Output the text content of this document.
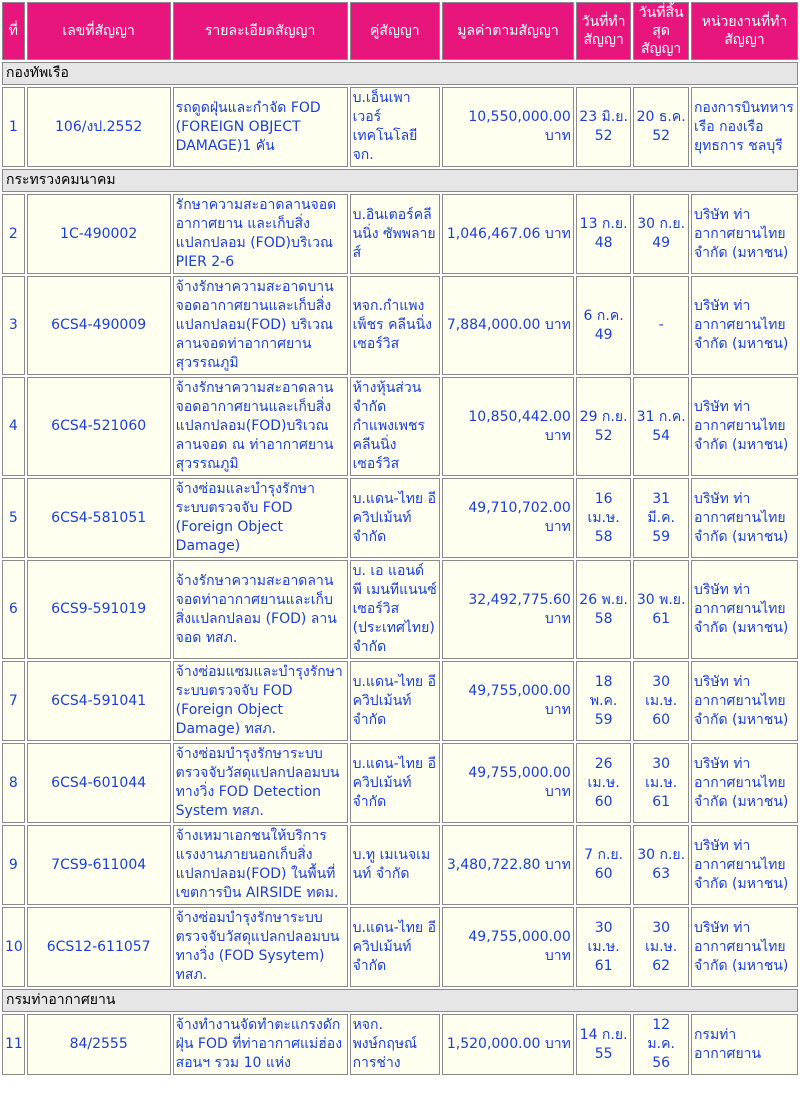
ที่	เลขที่สัญญา	รายละเอียดสัญญา	คู่สัญญา	มูลค่าตามสัญญา	วันที่ทำสัญญา	วันที่สิ้นสุดสัญญา	หน่วยงานที่ทำสัญญา
กองทัพเรือ							
1	106/งป.2552	รถดูดฝุ่นและกำจัด FOD (FOREIGN OBJECT DAMAGE)1 คัน	บ.เอ็นเพาเวอร์ เทคโนโลยี จก.	10,550,000.00 บาท	23 มิ.ย. 52	20 ธ.ค. 52	กองการบินทหารเรือ กองเรือยุทธการ ชลบุรี
กระทรวงคมนาคม							
2	1C-490002	รักษาความสะอาดลานจอดอากาศยาน และเก็บสิ่งแปลกปลอม (FOD)บริเวณ PIER 2-6	บ.อินเตอร์คลีนนิ่ง ซัพพลายส์	1,046,467.06 บาท	13 ก.ย. 48	30 ก.ย. 49	บริษัท ท่าอากาศยานไทย จำกัด (มหาชน)
3	6CS4-490009	จ้างรักษาความสะอาดบานจอดอากาศยานและเก็บสิ่งแปลกปลอม(FOD) บริเวณลานจอดท่าอากาศยานสุวรรณภูมิ	หจก.กำแพงเพ็ชร คลีนนิ่ง เซอร์วิส	7,884,000.00 บาท	6 ก.ค. 49	-	บริษัท ท่าอากาศยานไทย จำกัด (มหาชน)
4	6CS4-521060	จ้างรักษาความสะอาดลานจอดอากาศยานและเก็บสิ่งแปลกปลอม(FOD)บริเวณลานจอด ณ ท่าอากาศยานสุวรรณภูมิ	ห้างหุ้นส่วนจำกัด กำแพงเพชร คลีนนิ่ง เซอร์วิส	10,850,442.00 บาท	29 ก.ย. 52	31 ก.ค. 54	บริษัท ท่าอากาศยานไทย จำกัด (มหาชน)
5	6CS4-581051	จ้างซ่อมและบำรุงรักษาระบบตรวจจับ FOD (Foreign Object Damage)	บ.แดน-ไทย อีควิปเม้นท์ จำกัด	49,710,702.00 บาท	16 เม.ษ. 58	31 มี.ค. 59	บริษัท ท่าอากาศยานไทย จำกัด (มหาชน)
6	6CS9-591019	จ้างรักษาความสะอาดลานจอดท่าอากาศยานและเก็บสิ่งแปลกปลอม (FOD) ลานจอด ทสภ.	บ. เอ แอนด์ พี เมนทีแนนซ์ เซอร์วิส (ประเทศไทย) จำกัด	32,492,775.60 บาท	26 พ.ย. 58	30 พ.ย. 61	บริษัท ท่าอากาศยานไทย จำกัด (มหาชน)
7	6CS4-591041	จ้างซ่อมแซมและบำรุงรักษาระบบตรวจจับ FOD (Foreign Object Damage) ทสภ.	บ.แดน-ไทย อีควิปเม้นท์ จำกัด	49,755,000.00 บาท	18 พ.ค. 59	30 เม.ษ. 60	บริษัท ท่าอากาศยานไทย จำกัด (มหาชน)
8	6CS4-601044	จ้างซ่อมบำรุงรักษาระบบตรวจจับวัสดุแปลกปลอมบนทางวิ่ง FOD Detection System ทสภ.	บ.แดน-ไทย อีควิปเม้นท์ จำกัด	49,755,000.00 บาท	26 เม.ษ. 60	30 เม.ษ. 61	บริษัท ท่าอากาศยานไทย จำกัด (มหาชน)
9	7CS9-611004	จ้างเหมาเอกชนให้บริการแรงงานภายนอกเก็บสิ่งแปลกปลอม(FOD) ในพื้นที่เขตการบิน AIRSIDE ทดม.	บ.ทู เมเนจเมนท์ จำกัด	3,480,722.80 บาท	7 ก.ย. 60	30 ก.ย. 63	บริษัท ท่าอากาศยานไทย จำกัด (มหาชน)
10	6CS12-611057	จ้างซ่อมบำรุงรักษาระบบตรวจจับวัสดุแปลกปลอมบนทางวิ่ง (FOD Sysytem) ทสภ.	บ.แดน-ไทย อีควิปเม้นท์ จำกัด	49,755,000.00 บาท	30 เม.ษ. 61	30 เม.ษ. 62	บริษัท ท่าอากาศยานไทย จำกัด (มหาชน)
กรมท่าอากาศยาน							
11	84/2555	จ้างทำงานจัดทำตะแกรงดักฝุ่น FOD ที่ท่าอากาศแม่ฮ่องสอนฯ รวม 10 แห่ง	หจก. พงษ์กฤษณ์การช่าง	1,520,000.00 บาท	14 ก.ย. 55	12 ม.ค. 56	กรมท่าอากาศยาน
